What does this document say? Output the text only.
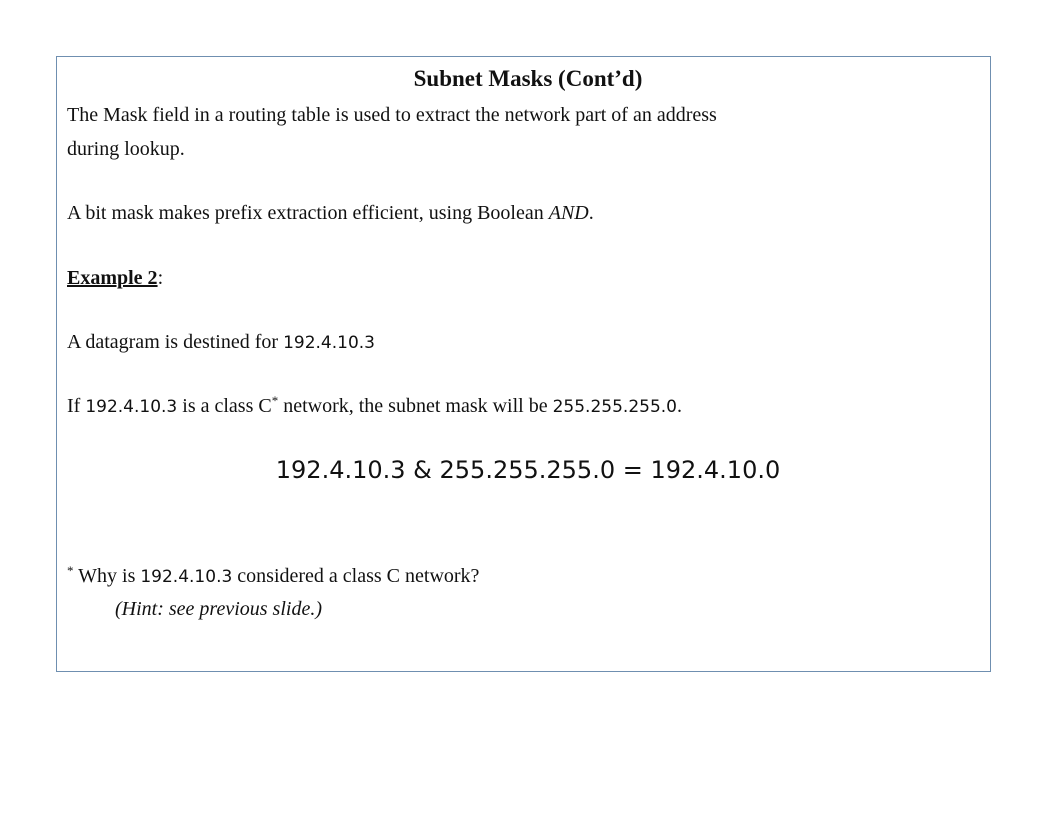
Subnet Masks (Cont’d)
The Mask field in a routing table is used to extract the network part of an address
during lookup.
A bit mask makes prefix extraction efficient, using Boolean AND.
Example 2:
A datagram is destined for 192.4.10.3
If 192.4.10.3 is a class C* network, the subnet mask will be 255.255.255.0.
192.4.10.3 & 255.255.255.0 = 192.4.10.0
* Why is 192.4.10.3 considered a class C network?
(Hint: see previous slide.)
